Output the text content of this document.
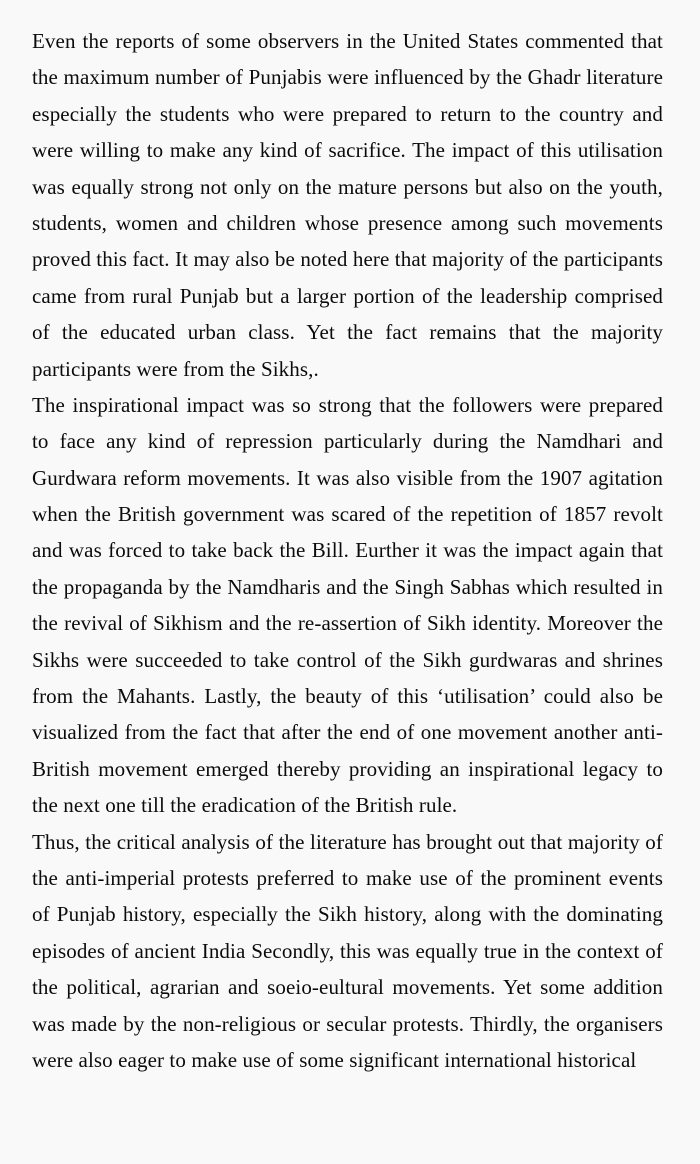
Even the reports of some observers in the United States commented that
the maximum number of Punjabis were influenced by the Ghadr literature
especially the students who were prepared to return to the country and
were willing to make any kind of sacrifice. The impact of this utilisation
was equally strong not only on the mature persons but also on the youth,
students, women and children whose presence among such movements
proved this fact. It may also be noted here that majority of the participants
came from rural Punjab but a larger portion of the leadership comprised
of the educated urban class. Yet the fact remains that the majority
participants were from the Sikhs,.

The inspirational impact was so strong that the followers were prepared
to face any kind of repression particularly during the Namdhari and
Gurdwara reform movements. It was also visible from the 1907 agitation
when the British government was scared of the repetition of 1857 revolt
and was forced to take back the Bill. Eurther it was the impact again that
the propaganda by the Namdharis and the Singh Sabhas which resulted in
the revival of Sikhism and the re-assertion of Sikh identity. Moreover the
Sikhs were succeeded to take control of the Sikh gurdwaras and shrines
from the Mahants. Lastly, the beauty of this ‘utilisation’ could also be
visualized from the fact that after the end of one movement another anti-
British movement emerged thereby providing an inspirational legacy to
the next one till the eradication of the British rule.

Thus, the critical analysis of the literature has brought out that majority of
the anti-imperial protests preferred to make use of the prominent events
of Punjab history, especially the Sikh history, along with the dominating
episodes of ancient India Secondly, this was equally true in the context of
the political, agrarian and soeio-eultural movements. Yet some addition
was made by the non-religious or secular protests. Thirdly, the organisers
were also eager to make use of some significant international historical
